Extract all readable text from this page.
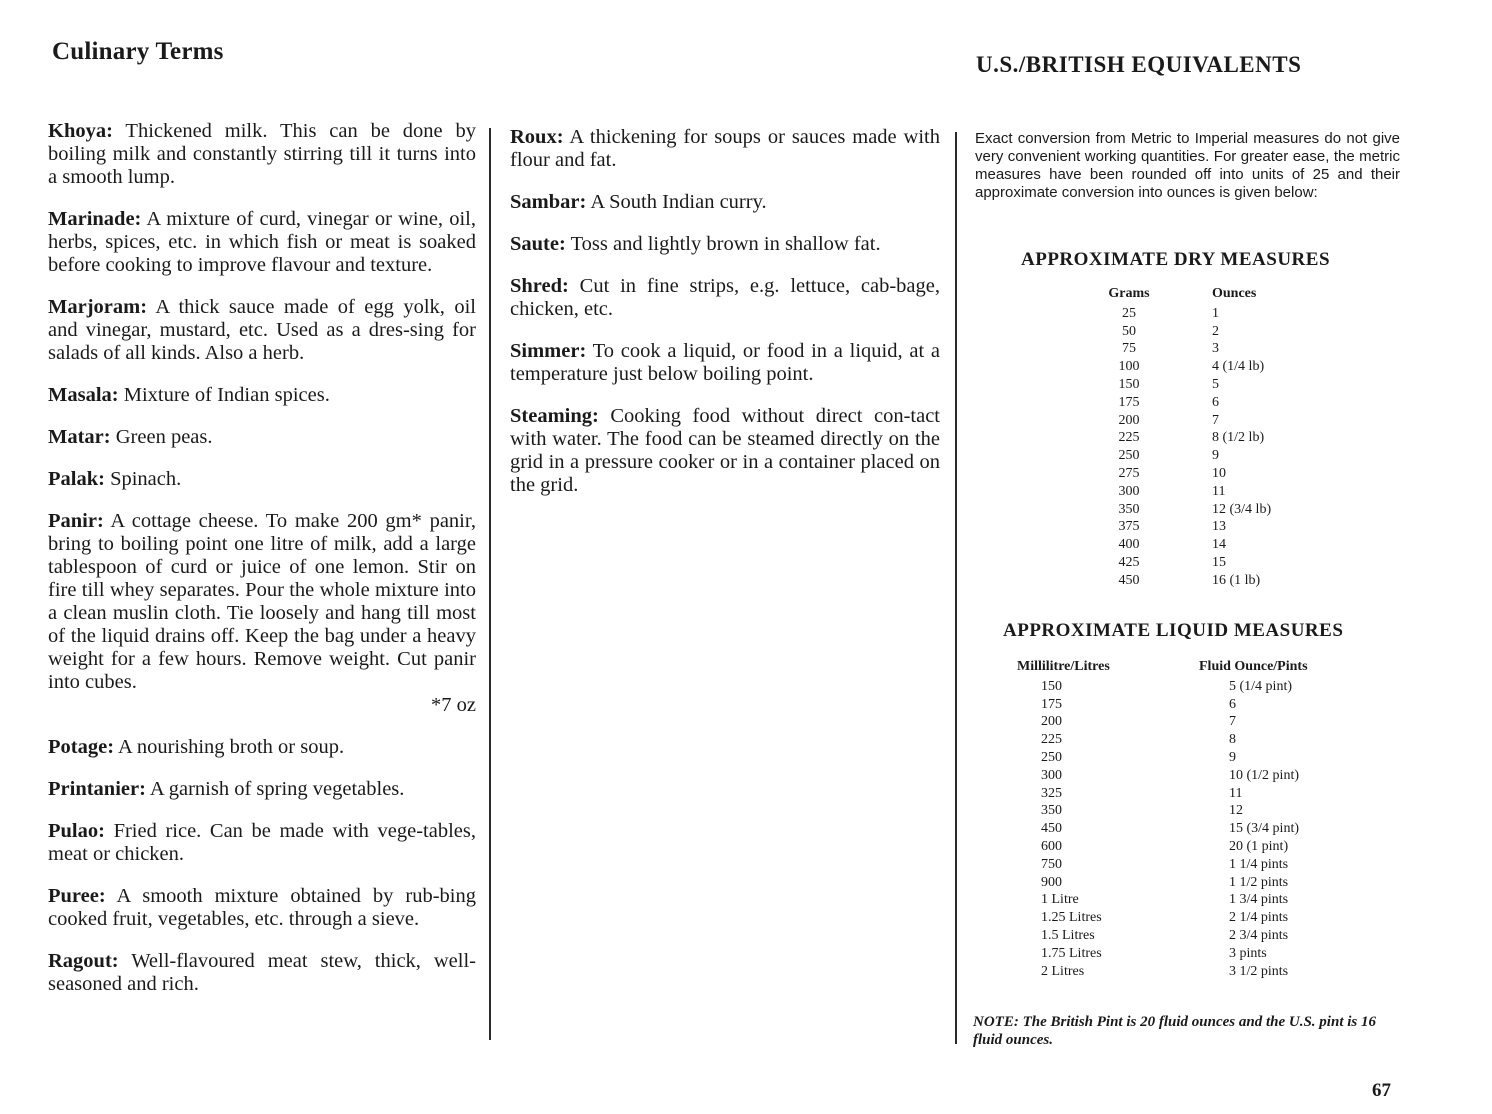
Culinary Terms
Khoya: Thickened milk. This can be done by boiling milk and constantly stirring till it turns into a smooth lump.
Marinade: A mixture of curd, vinegar or wine, oil, herbs, spices, etc. in which fish or meat is soaked before cooking to improve flavour and texture.
Marjoram: A thick sauce made of egg yolk, oil and vinegar, mustard, etc. Used as a dres-sing for salads of all kinds. Also a herb.
Masala: Mixture of Indian spices.
Matar: Green peas.
Palak: Spinach.
Panir: A cottage cheese. To make 200 gm* panir, bring to boiling point one litre of milk, add a large tablespoon of curd or juice of one lemon. Stir on fire till whey separates. Pour the whole mixture into a clean muslin cloth. Tie loosely and hang till most of the liquid drains off. Keep the bag under a heavy weight for a few hours. Remove weight. Cut panir into cubes.
*7 oz
Potage: A nourishing broth or soup.
Printanier: A garnish of spring vegetables.
Pulao: Fried rice. Can be made with vege-tables, meat or chicken.
Puree: A smooth mixture obtained by rub-bing cooked fruit, vegetables, etc. through a sieve.
Ragout: Well-flavoured meat stew, thick, well-seasoned and rich.
Roux: A thickening for soups or sauces made with flour and fat.
Sambar: A South Indian curry.
Saute: Toss and lightly brown in shallow fat.
Shred: Cut in fine strips, e.g. lettuce, cab-bage, chicken, etc.
Simmer: To cook a liquid, or food in a liquid, at a temperature just below boiling point.
Steaming: Cooking food without direct con-tact with water. The food can be steamed directly on the grid in a pressure cooker or in a container placed on the grid.
U.S./BRITISH EQUIVALENTS
Exact conversion from Metric to Imperial measures do not give very convenient working quantities. For greater ease, the metric measures have been rounded off into units of 25 and their approximate conversion into ounces is given below:
APPROXIMATE DRY MEASURES
Grams
25
50
75
100
150
175
200
225
250
275
300
350
375
400
425
450
Ounces
1
2
3
4 (1/4 lb)
5
6
7
8 (1/2 lb)
9
10
11
12 (3/4 lb)
13
14
15
16 (1 lb)
APPROXIMATE LIQUID MEASURES
Millilitre/Litres
150
175
200
225
250
300
325
350
450
600
750
900
1 Litre
1.25 Litres
1.5 Litres
1.75 Litres
2 Litres
Fluid Ounce/Pints
5 (1/4 pint)
6
7
8
9
10 (1/2 pint)
11
12
15 (3/4 pint)
20 (1 pint)
1 1/4 pints
1 1/2 pints
1 3/4 pints
2 1/4 pints
2 3/4 pints
3 pints
3 1/2 pints
NOTE: The British Pint is 20 fluid ounces and the U.S. pint is 16 fluid ounces.
67
